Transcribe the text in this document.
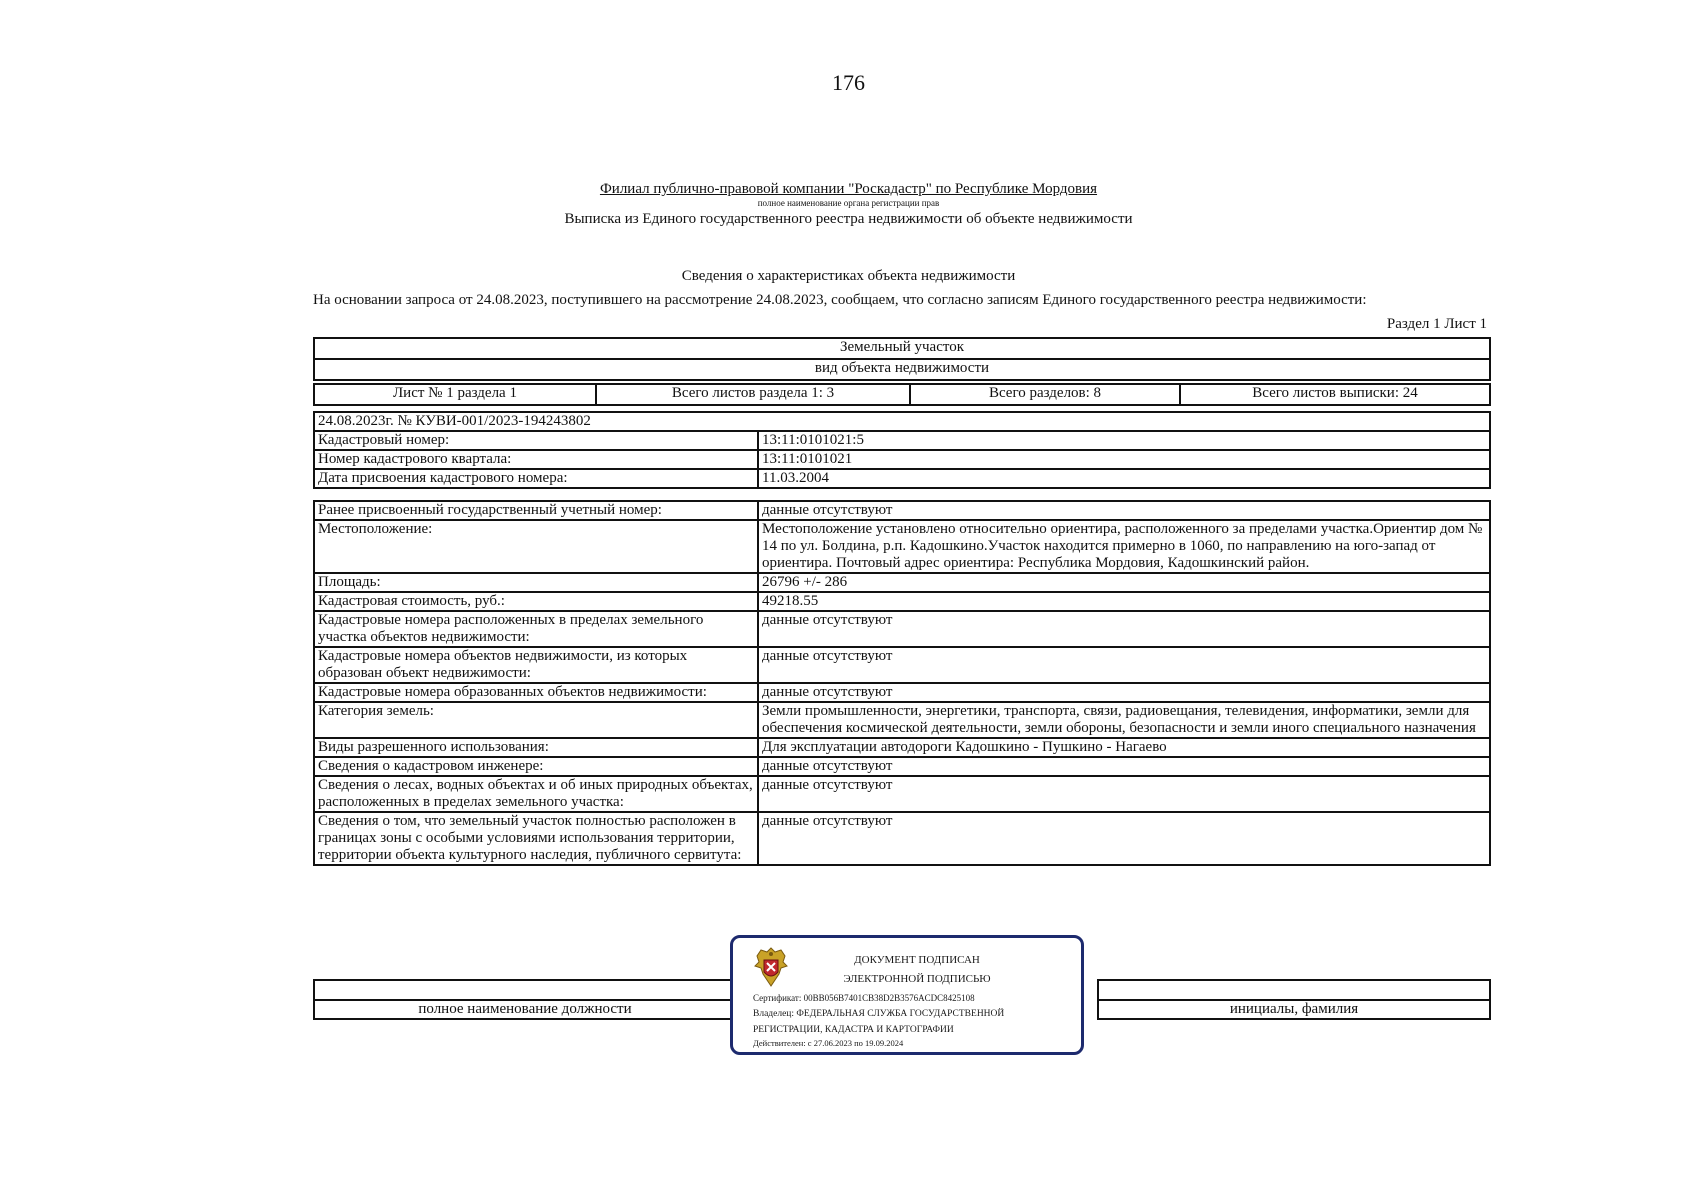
176
Филиал публично-правовой компании "Роскадастр" по Республике Мордовия
полное наименование органа регистрации прав
Выписка из Единого государственного реестра недвижимости об объекте недвижимости
Сведения о характеристиках объекта недвижимости
На основании запроса от 24.08.2023, поступившего на рассмотрение 24.08.2023, сообщаем, что согласно записям Единого государственного реестра недвижимости:
Раздел 1 Лист 1
Земельный участок
вид объекта недвижимости
Лист № 1 раздела 1	Всего листов раздела 1: 3	Всего разделов: 8	Всего листов выписки: 24
24.08.2023г. № КУВИ-001/2023-194243802	
Кадастровый номер:	13:11:0101021:5
Номер кадастрового квартала:	13:11:0101021
Дата присвоения кадастрового номера:	11.03.2004
Ранее присвоенный государственный учетный номер:	данные отсутствуют
Местоположение:	Местоположение установлено относительно ориентира, расположенного за пределами участка.Ориентир дом № 14 по ул. Болдина, р.п. Кадошкино.Участок находится примерно в 1060, по направлению на юго-запад от ориентира. Почтовый адрес ориентира: Республика Мордовия, Кадошкинский район.
Площадь:	26796 +/- 286
Кадастровая стоимость, руб.:	49218.55
Кадастровые номера расположенных в пределах земельного участка объектов недвижимости:	данные отсутствуют
Кадастровые номера объектов недвижимости, из которых образован объект недвижимости:	данные отсутствуют
Кадастровые номера образованных объектов недвижимости:	данные отсутствуют
Категория земель:	Земли промышленности, энергетики, транспорта, связи, радиовещания, телевидения, информатики, земли для обеспечения космической деятельности, земли обороны, безопасности и земли иного специального назначения
Виды разрешенного использования:	Для эксплуатации автодороги Кадошкино - Пушкино - Нагаево
Сведения о кадастровом инженере:	данные отсутствуют
Сведения о лесах, водных объектах и об иных природных объектах, расположенных в пределах земельного участка:	данные отсутствуют
Сведения о том, что земельный участок полностью расположен в границах зоны с особыми условиями использования территории, территории объекта культурного наследия, публичного сервитута:	данные отсутствуют

полное наименование должности		инициалы, фамилия
ДОКУМЕНТ ПОДПИСАН
ЭЛЕКТРОННОЙ ПОДПИСЬЮ
Сертификат: 00BB056B7401CB38D2B3576ACDC8425108
Владелец: ФЕДЕРАЛЬНАЯ СЛУЖБА ГОСУДАРСТВЕННОЙ
РЕГИСТРАЦИИ, КАДАСТРА И КАРТОГРАФИИ
Действителен: с 27.06.2023 по 19.09.2024
